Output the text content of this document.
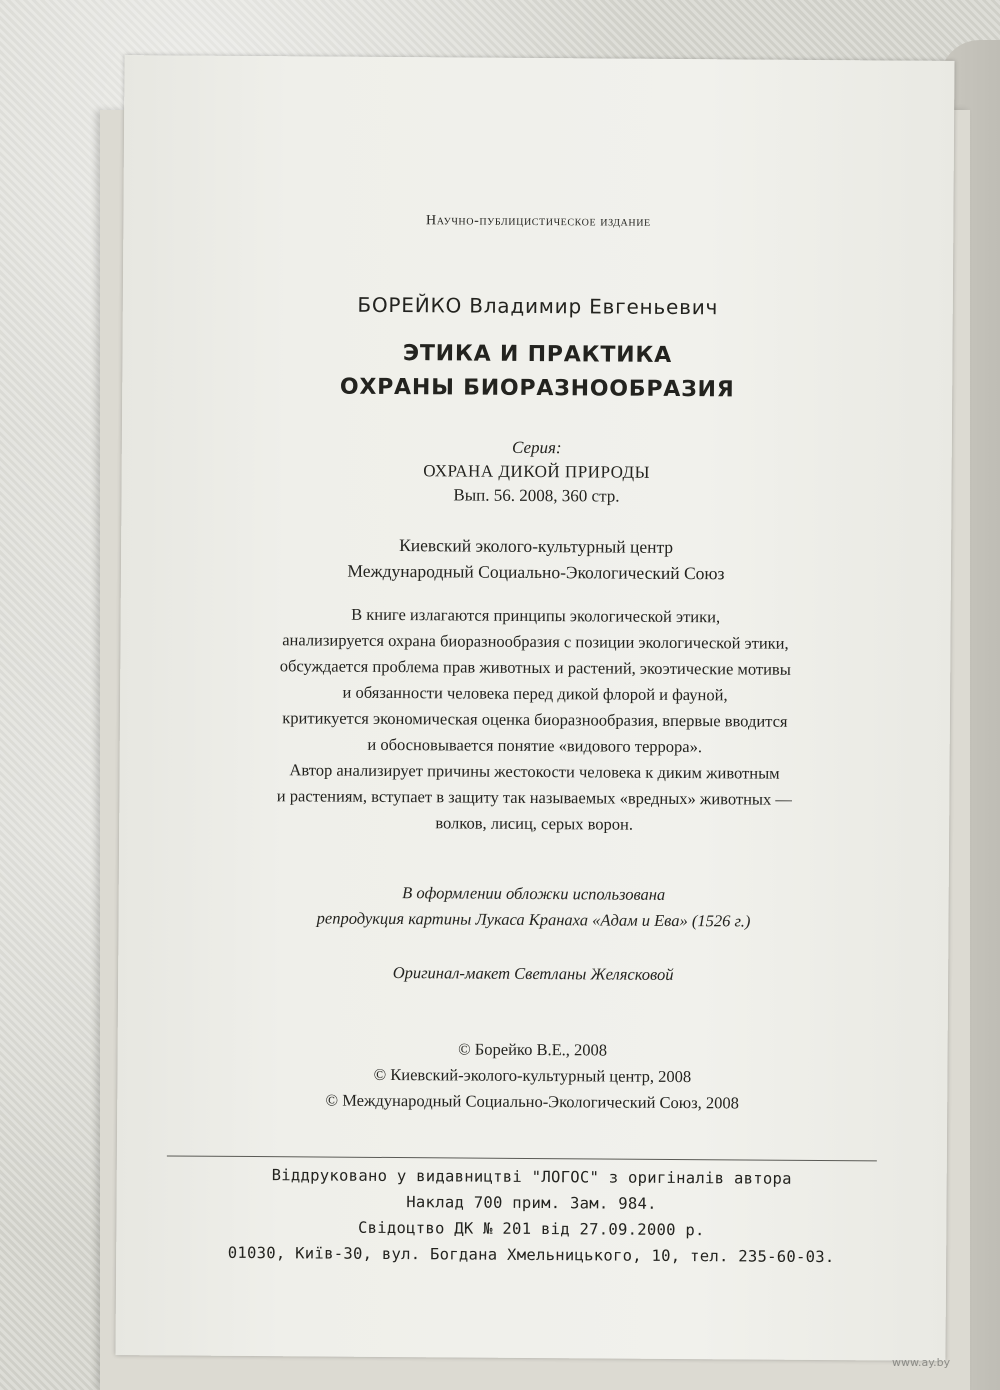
Научно-публицистическое издание
БОРЕЙКО Владимир Евгеньевич
ЭТИКА И ПРАКТИКА
ОХРАНЫ БИОРАЗНООБРАЗИЯ
Серия:
ОХРАНА ДИКОЙ ПРИРОДЫ
Вып. 56. 2008, 360 стр.
Киевский эколого-культурный центр
Международный Социально-Экологический Союз
В книге излагаются принципы экологической этики,
анализируется охрана биоразнообразия с позиции экологической этики,
обсуждается проблема прав животных и растений, экоэтические мотивы
и обязанности человека перед дикой флорой и фауной,
критикуется экономическая оценка биоразнообразия, впервые вводится
и обосновывается понятие «видового террора».
Автор анализирует причины жестокости человека к диким животным
и растениям, вступает в защиту так называемых «вредных» животных —
волков, лисиц, серых ворон.
В оформлении обложки использована
репродукция картины Лукаса Кранаха «Адам и Ева» (1526 г.)
Оригинал-макет Светланы Желясковой
© Борейко В.Е., 2008
© Киевский-эколого-культурный центр, 2008
© Международный Социально-Экологический Союз, 2008
Віддруковано у видавництві "ЛОГОС" з оригіналів автора
Наклад 700 прим. Зам. 984.
Свідоцтво ДК № 201 від 27.09.2000 р.
01030, Київ-30, вул. Богдана Хмельницького, 10, тел. 235-60-03.
www.ay.by
